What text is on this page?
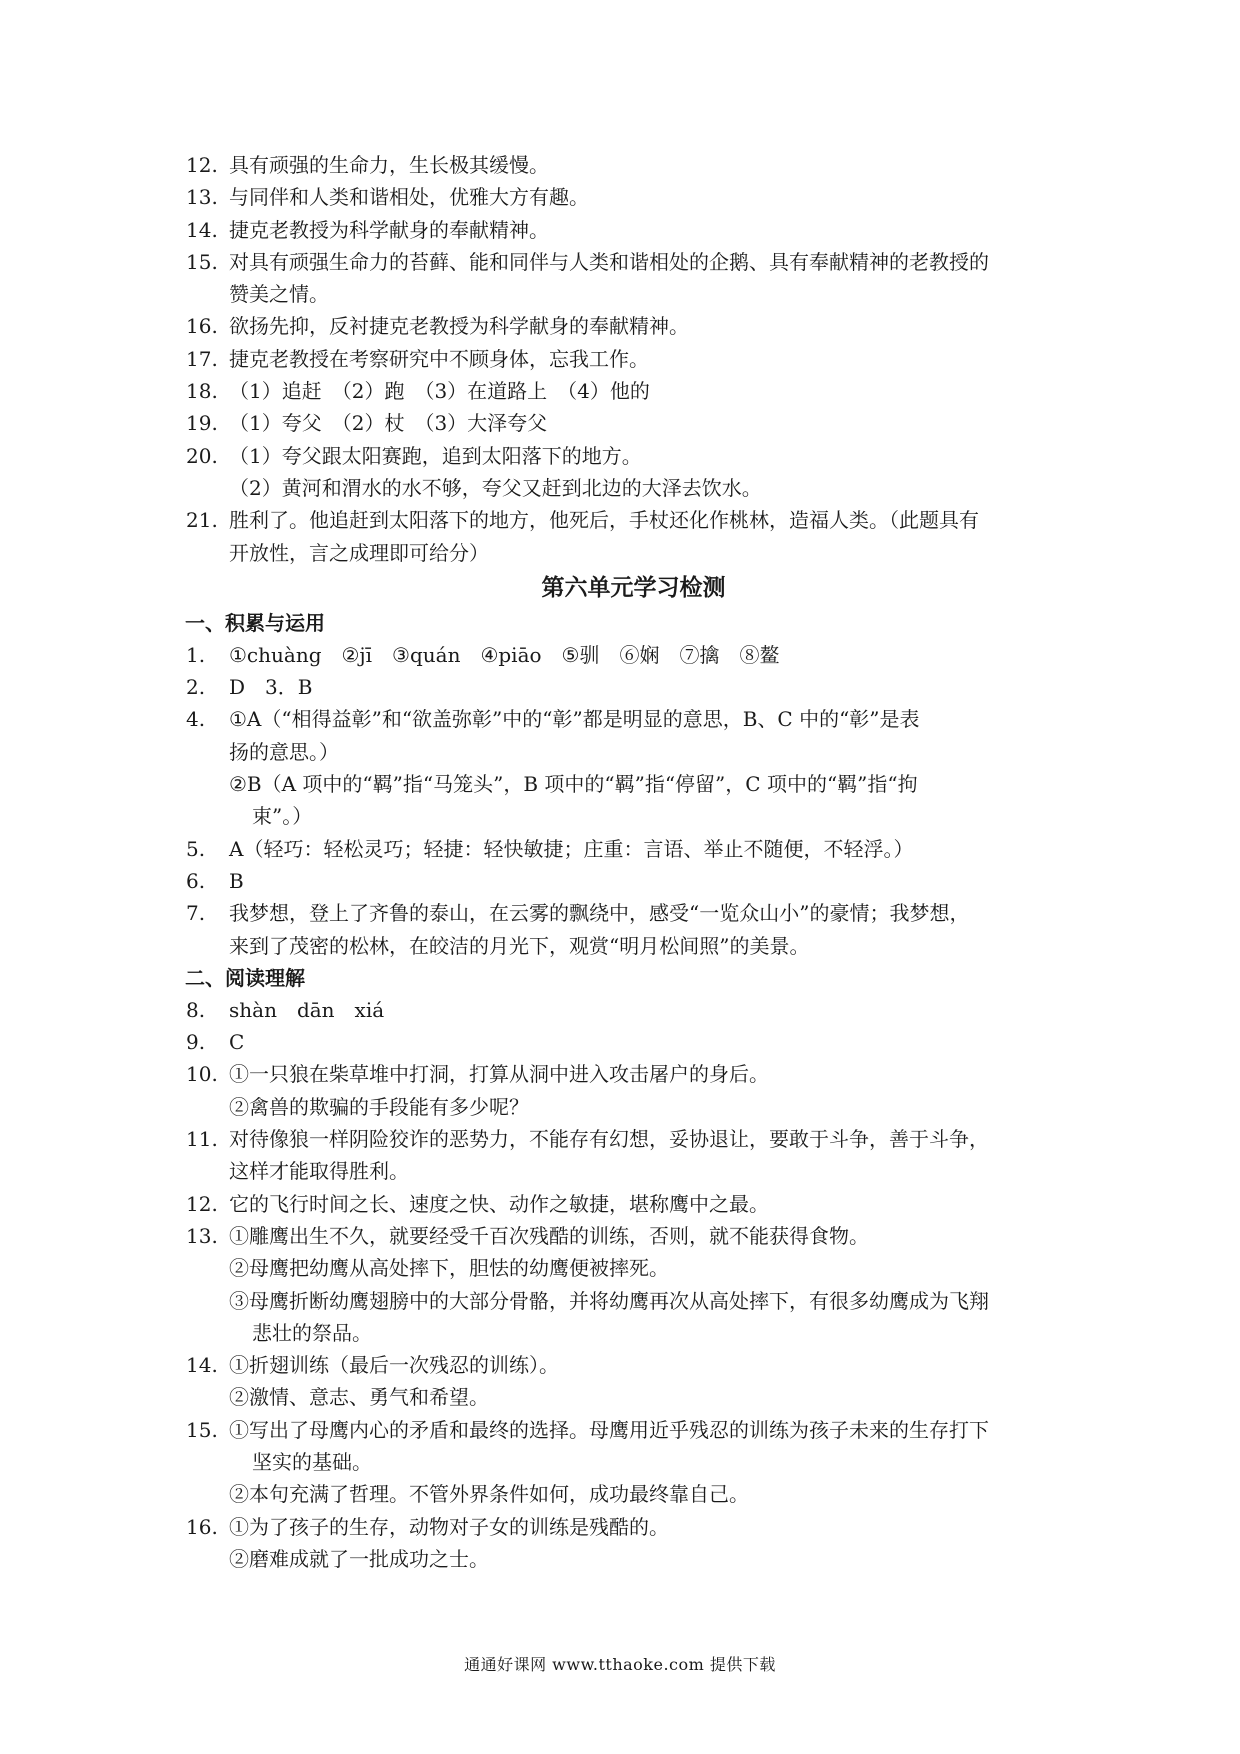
12. 具有顽强的生命力，生长极其缓慢。
13. 与同伴和人类和谐相处，优雅大方有趣。
14. 捷克老教授为科学献身的奉献精神。
15. 对具有顽强生命力的苔藓、能和同伴与人类和谐相处的企鹅、具有奉献精神的老教授的
赞美之情。
16. 欲扬先抑，反衬捷克老教授为科学献身的奉献精神。
17. 捷克老教授在考察研究中不顾身体，忘我工作。
18. （1）追赶　（2）跑　（3）在道路上　（4）他的
19. （1）夸父　（2）杖　（3）大泽夸父
20. （1）夸父跟太阳赛跑，追到太阳落下的地方。
（2）黄河和渭水的水不够，夸父又赶到北边的大泽去饮水。
21. 胜利了。他追赶到太阳落下的地方，他死后，手杖还化作桃林，造福人类。（此题具有
开放性，言之成理即可给分）
第六单元学习检测
一、积累与运用
1. ①chuàng　②jī　③quán　④piāo　⑤驯　⑥娴　⑦擒　⑧鳌
2. D　3．B
4. ①A（“相得益彰”和“欲盖弥彰”中的“彰”都是明显的意思，B、C 中的“彰”是表
扬的意思。）
②B（A 项中的“羁”指“马笼头”，B 项中的“羁”指“停留”，C 项中的“羁”指“拘
束”。）
5. A（轻巧：轻松灵巧；轻捷：轻快敏捷；庄重：言语、举止不随便，不轻浮。）
6. B
7. 我梦想，登上了齐鲁的泰山，在云雾的飘绕中，感受“一览众山小”的豪情；我梦想，
来到了茂密的松林，在皎洁的月光下，观赏“明月松间照”的美景。
二、阅读理解
8. shàn　dān　xiá
9. C
10. ①一只狼在柴草堆中打洞，打算从洞中进入攻击屠户的身后。
②禽兽的欺骗的手段能有多少呢？
11. 对待像狼一样阴险狡诈的恶势力，不能存有幻想，妥协退让，要敢于斗争，善于斗争，
这样才能取得胜利。
12. 它的飞行时间之长、速度之快、动作之敏捷，堪称鹰中之最。
13. ①雕鹰出生不久，就要经受千百次残酷的训练，否则，就不能获得食物。
②母鹰把幼鹰从高处摔下，胆怯的幼鹰便被摔死。
③母鹰折断幼鹰翅膀中的大部分骨骼，并将幼鹰再次从高处摔下，有很多幼鹰成为飞翔
悲壮的祭品。
14. ①折翅训练（最后一次残忍的训练）。
②激情、意志、勇气和希望。
15. ①写出了母鹰内心的矛盾和最终的选择。母鹰用近乎残忍的训练为孩子未来的生存打下
坚实的基础。
②本句充满了哲理。不管外界条件如何，成功最终靠自己。
16. ①为了孩子的生存，动物对子女的训练是残酷的。
②磨难成就了一批成功之士。
通通好课网 www.tthaoke.com 提供下载
